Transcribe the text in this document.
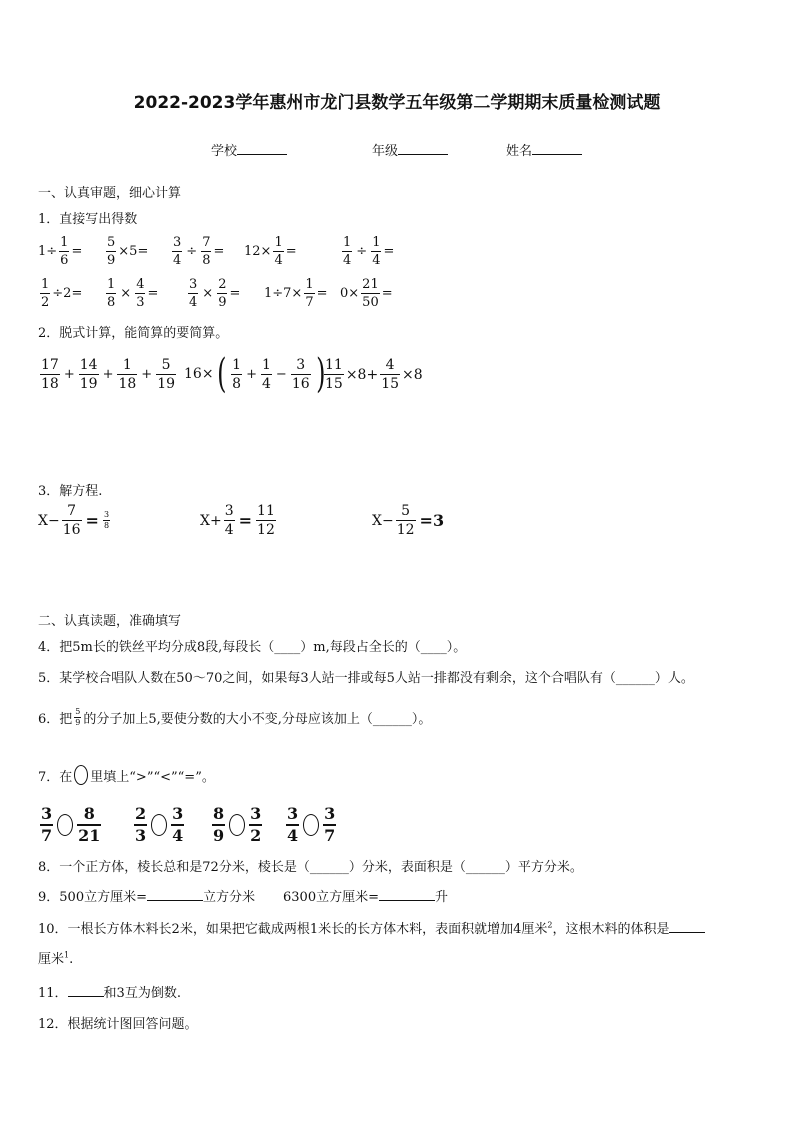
2022-2023学年惠州市龙门县数学五年级第二学期期末质量检测试题
学校	年级	姓名
一、认真审题，细心计算
1．直接写出得数
$1\div \frac{1}{6} = \frac{5}{9} \times 5= \frac{3}{4} \div \frac{7}{8} = 12\times \frac{1}{4}$ =	$\frac{1}{4} \div \frac{1}{4}$ =
$\frac{1}{2} \div 2= \frac{1}{8} \times \frac{4}{3} = \frac{3}{4} \times \frac{2}{9} = 1\div 7\times \frac{1}{7} = 0\times \frac{21}{50}$ =
2．脱式计算，能简算的要简算。
$\frac{17}{18} + \frac{14}{19} + \frac{1}{18} + \frac{5}{19} 16\times$ ( $\frac{1}{8} + \frac{1}{4} - \frac{3}{16}$ )
$\frac{11}{15} \times 8+ \frac{4}{15} \times 8$
3．解方程.
$X- \frac{7}{16} = \frac{3}{8}$	$X+ \frac{3}{4} = \frac{11}{12}$	$X- \frac{5}{12} =3$
二、认真读题，准确填写
4．把5m长的铁丝平均分成8段,每段长（____）m,每段占全长的（____）。
5．某学校合唱队人数在50～70之间，如果每3人站一排或每5人站一排都没有剩余，这个合唱队有（______）人。
6．把 $\frac{5}{9}$ 的分子加上5,要使分数的大小不变,分母应该加上（______）。
7．在 里填上“>”“<”“=”。
$\frac{3}{7} \frac{8}{21} \frac{2}{3} \frac{3}{4} \frac{8}{9} \frac{3}{2} \frac{3}{4} \frac{3}{7}$
8．一个正方体，棱长总和是72分米，棱长是（______）分米，表面积是（______）平方分米。
9．500立方厘米=	立方分米 6300立方厘米=	升
10．一根长方体木料长2米，如果把它截成两根1米长的长方体木料，表面积就增加4厘米$^2$，这根木料的体积是
厘米$^1$.
11．	和3互为倒数.
12．根据统计图回答问题。
